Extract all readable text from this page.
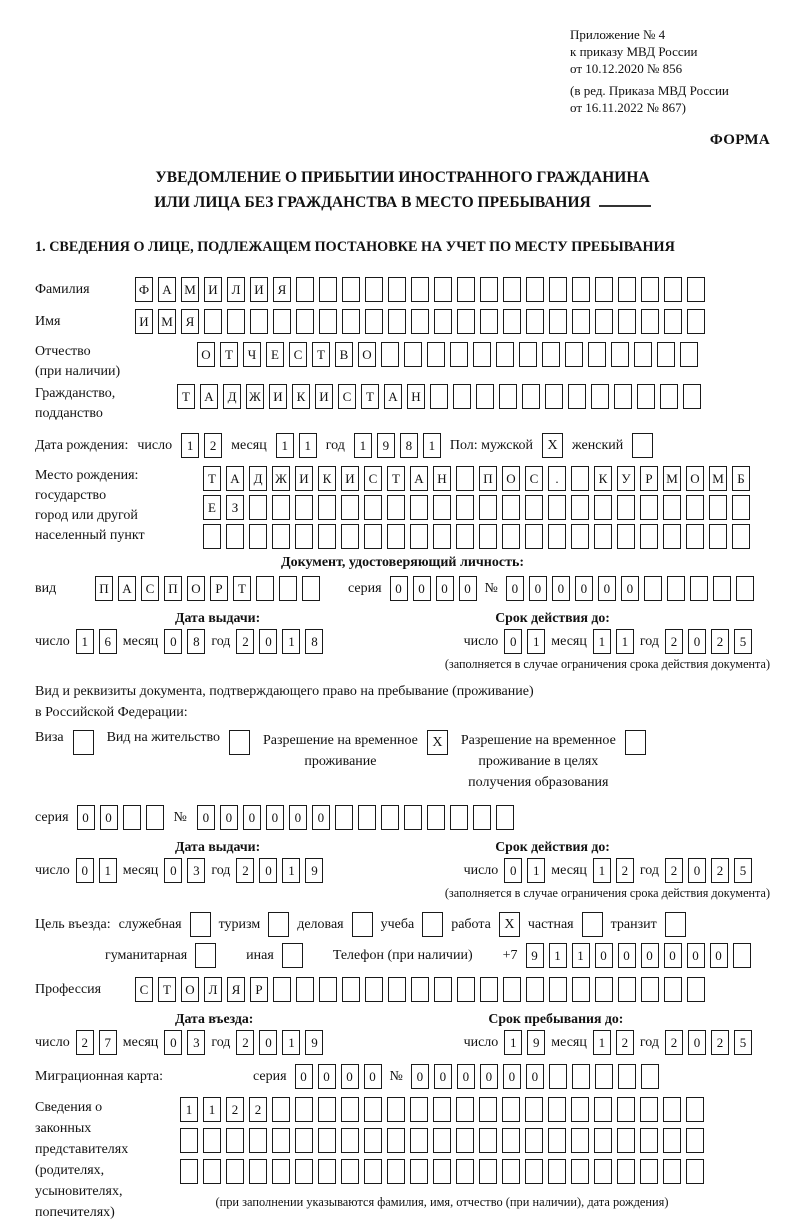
Приложение № 4
к приказу МВД России
от 10.12.2020 № 856
(в ред. Приказа МВД России
от 16.11.2022 № 867)
ФОРМА
УВЕДОМЛЕНИЕ О ПРИБЫТИИ ИНОСТРАННОГО ГРАЖДАНИНА
ИЛИ ЛИЦА БЕЗ ГРАЖДАНСТВА В МЕСТО ПРЕБЫВАНИЯ
1. СВЕДЕНИЯ О ЛИЦЕ, ПОДЛЕЖАЩЕМ ПОСТАНОВКЕ НА УЧЕТ ПО МЕСТУ ПРЕБЫВАНИЯ
Фамилия	Ф	А М И	Л	И	Я
Имя	И М Я
Отчество
(при наличии)
О	Т	Ч	Е	С	Т	В	О
Гражданство,
подданство
Т	А	Д Ж И	К	И	С	Т	А	Н
Дата рождения: число	1	2	месяц	1	1	год	1	9	8	1	Пол: мужской	X	женский
Место рождения:
государство
город или другой
населенный пункт
Т	А	Д Ж И	К	И	С	Т	А	Н	П	О	С	.	К	У	Р	М О М	Б
Е	З
Документ, удостоверяющий личность:
вид	П	А	С	П	О	Р	Т	серия	0	0	0	0 №	0	0	0	0	0	0
Дата выдачи:	Срок действия до:
число 1	6 месяц 0	8 год 2	0	1	8	число 0	1 месяц 1	1 год 2	0	2	5
(заполняется в случае ограничения срока действия документа)
Вид и реквизиты документа, подтверждающего право на пребывание (проживание)
в Российской Федерации:
Виза	Вид на жительство	Разрешение на временное
проживание
X	Разрешение на временное
проживание в целях
получения образования
серия	0	0	№	0	0	0	0	0	0
Дата выдачи:	Срок действия до:
число 0	1 месяц 0	3 год 2	0	1	9	число 0	1 месяц 1	2 год 2	0	2	5
(заполняется в случае ограничения срока действия документа)
Цель въезда: служебная	туризм	деловая	учеба	работа X частная	транзит
гуманитарная	иная	Телефон (при наличии) +7	9	1	1	0	0	0	0	0	0
Профессия	С	Т	О	Л	Я	Р
Дата въезда:	Срок пребывания до:
число 2	7 месяц 0	3 год 2	0	1	9	число 1	9 месяц 1	2 год 2	0	2	5
Миграционная карта:	серия	0	0	0	0 №	0	0	0	0	0	0
Сведения о
законных
представителях
(родителях,
усыновителях,
попечителях)
1	1	2	2
(при заполнении указываются фамилия, имя, отчество (при наличии), дата рождения)
